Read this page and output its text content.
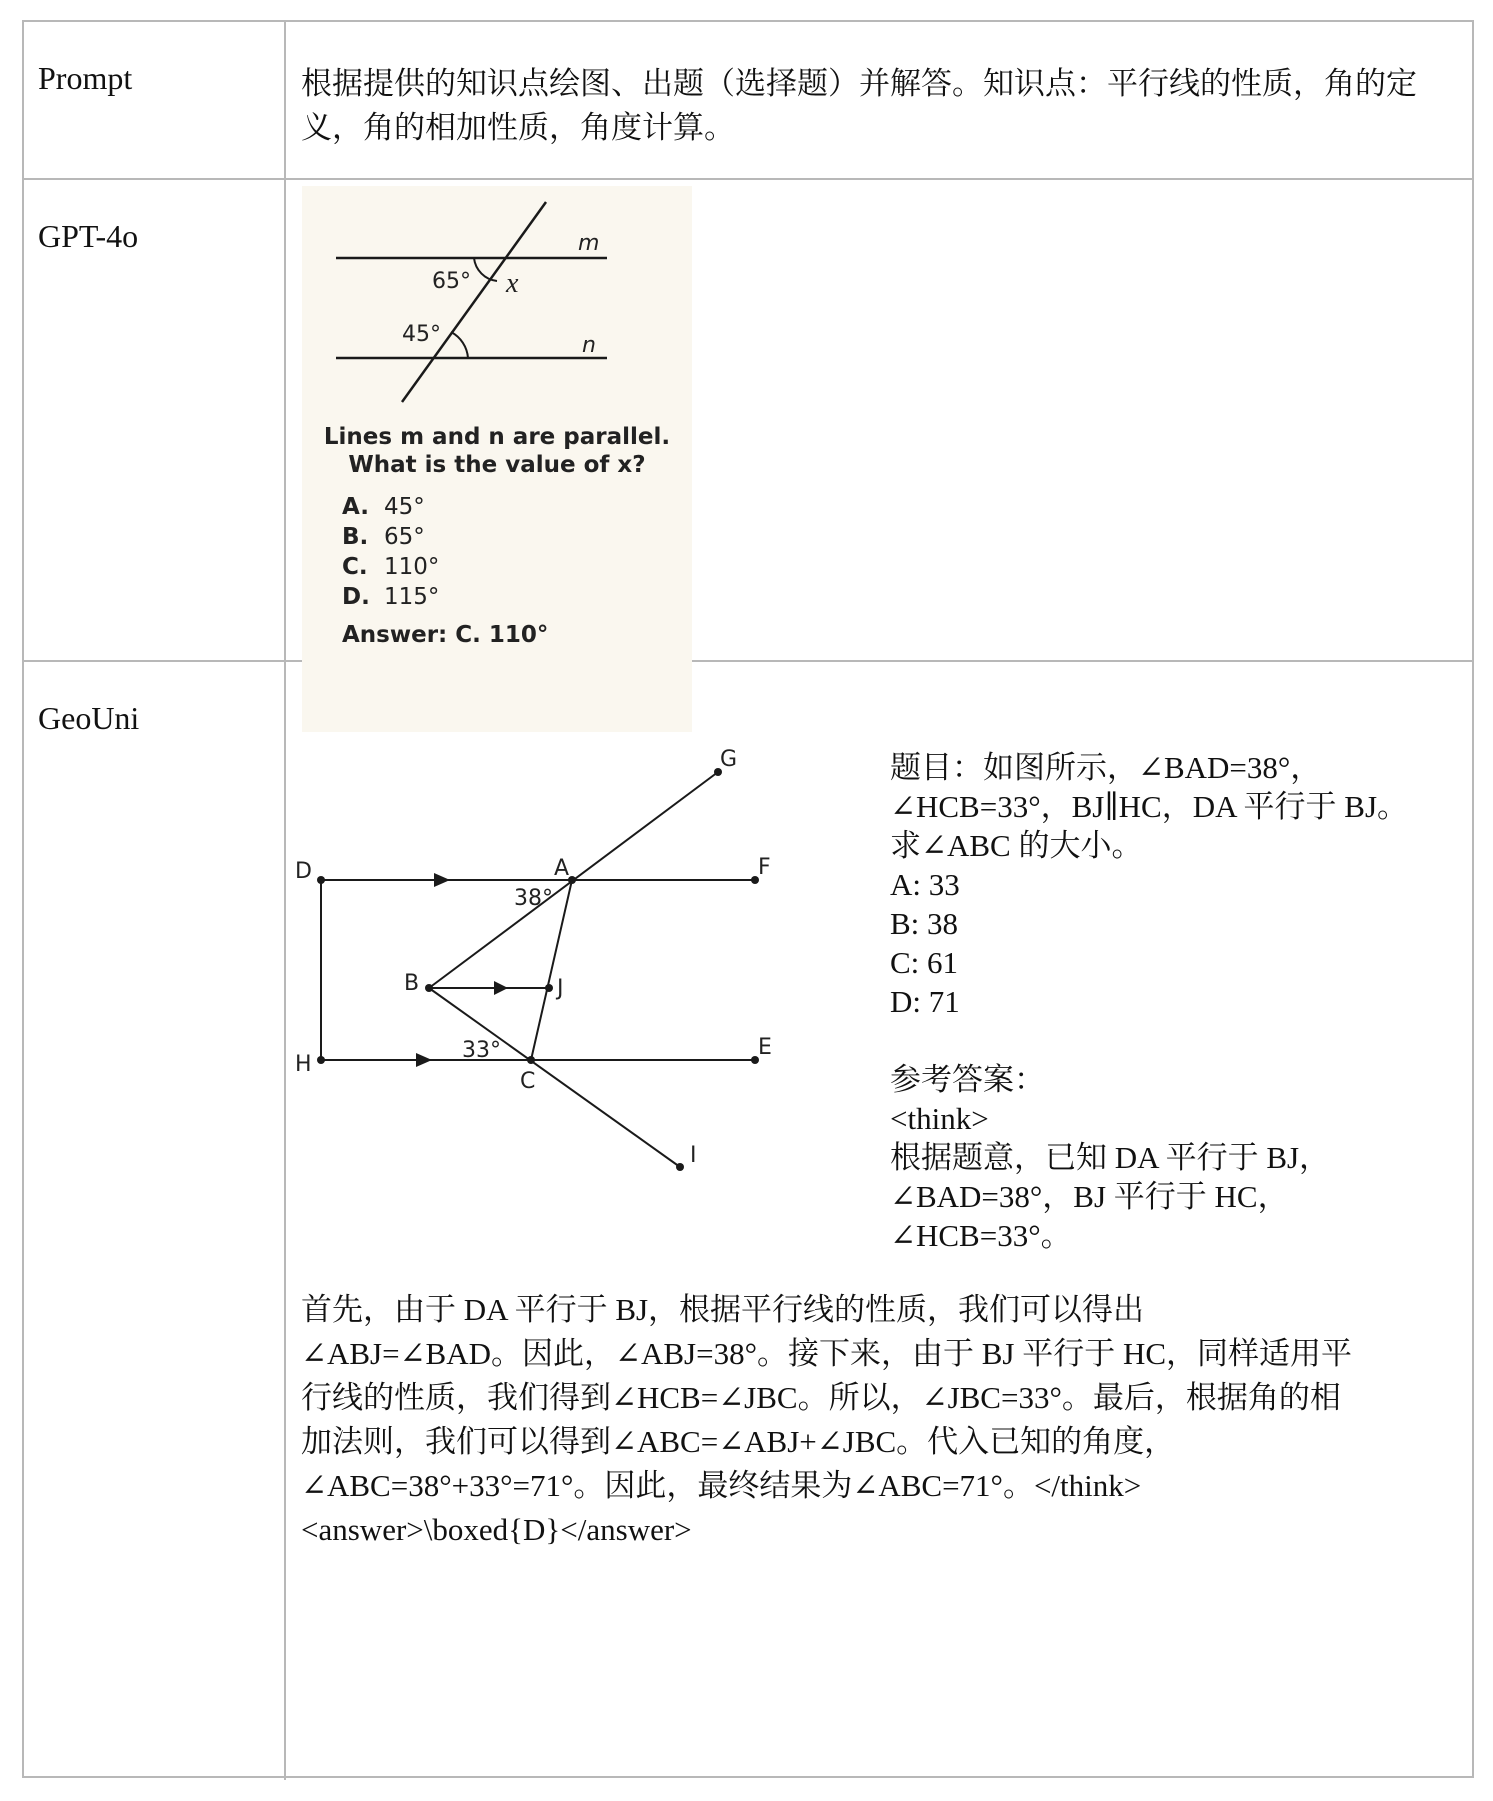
Prompt	根据提供的知识点绘图、出题（选择题）并解答。知识点：平行线的性质，角的定义，角的相加性质，角度计算。
GPT-4o	m
n
65° x
45°
Lines m and n are parallel.
What is the value of x?
A. 45°
B. 65°
C. 110°
D. 115°
Answer: C. 110°
GeoUni
G
D	A	F
B	J
H
C
E
I
38°
33°

题目：如图所示，∠BAD=38°，

∠HCB=33°，BJ∥HC，DA 平行于 BJ。

求∠ABC 的大小。

A: 33

B: 38

C: 61

D: 71

参考答案：

<think>

根据题意，已知 DA 平行于 BJ，

∠BAD=38°，BJ 平行于 HC，

∠HCB=33°。

首先，由于 DA 平行于 BJ，根据平行线的性质，我们可以得出

∠ABJ=∠BAD。因此，∠ABJ=38°。接下来，由于 BJ 平行于 HC，同样适用平

行线的性质，我们得到∠HCB=∠JBC。所以，∠JBC=33°。最后，根据角的相

加法则，我们可以得到∠ABC=∠ABJ+∠JBC。代入已知的角度，

∠ABC=38°+33°=71°。因此，最终结果为∠ABC=71°。</think>

<answer>\boxed{D}</answer>
